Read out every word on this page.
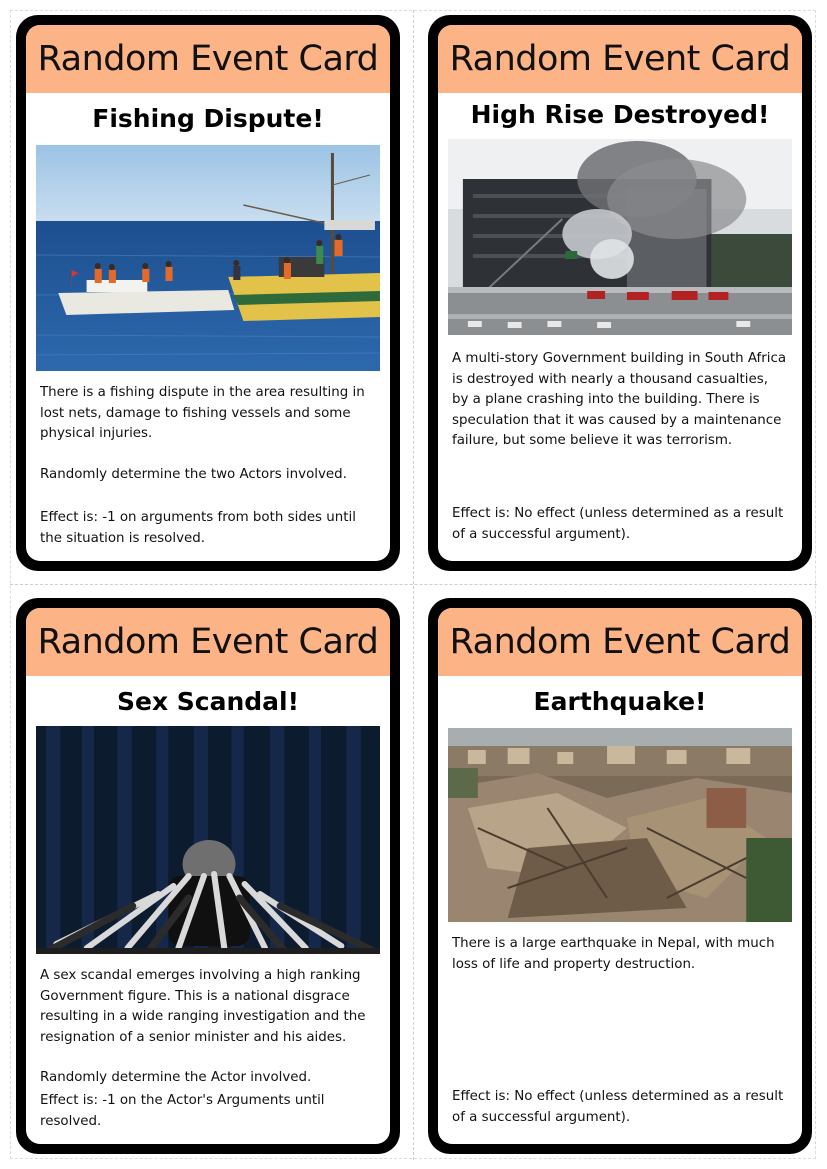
Random Event Card
Fishing Dispute!

There is a fishing dispute in the area resulting in lost nets, damage to fishing vessels and some physical injuries.

Randomly determine the two Actors involved.

Effect is: -1 on arguments from both sides until the situation is resolved.
Random Event Card
High Rise Destroyed!

A multi-story Government building in South Africa is destroyed with nearly a thousand casualties, by a plane crashing into the building. There is speculation that it was caused by a maintenance failure, but some believe it was terrorism.

Effect is: No effect (unless determined as a result of a successful argument).
Random Event Card
Sex Scandal!

A sex scandal emerges involving a high ranking Government figure. This is a national disgrace resulting in a wide ranging investigation and the resignation of a senior minister and his aides.

Randomly determine the Actor involved.

Effect is: -1 on the Actor's Arguments until resolved.
Random Event Card
Earthquake!

There is a large earthquake in Nepal, with much loss of life and property destruction.

Effect is: No effect (unless determined as a result of a successful argument).
